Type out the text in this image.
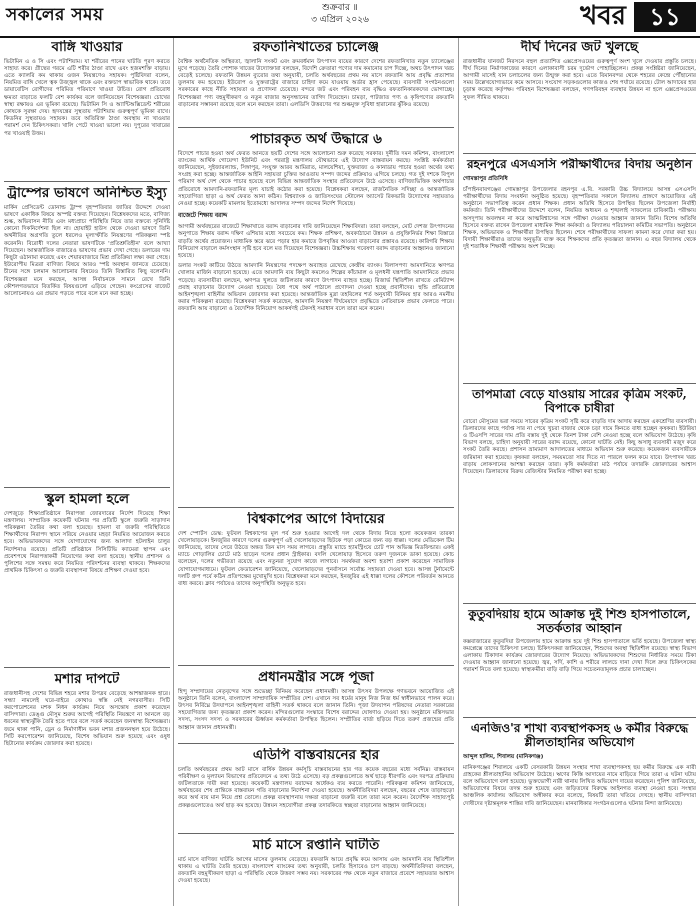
সকালের সময়	শুক্রবার ॥
৩ এপ্রিল ২০২৬	খবর ১১
বাঙ্গি খাওয়ার
ভিটামিন এ ও সি এবং পটাশিয়াম। যা শরীরের পানের ঘাটতি পূরণ করতে সাহায্য করে। গ্রীষ্মের গরমে এটি শরীর ঠাণ্ডা রাখে এবং হজমশক্তি বাড়ায়। এতে ক্যালরি কম থাকায় ওজন নিয়ন্ত্রণেও সহায়ক। পুষ্টিবিদরা বলেন, নিয়মিত বাঙ্গি খেলে ত্বক উজ্জ্বল থাকে এবং রক্তচাপ স্বাভাবিক থাকে। তবে ডায়াবেটিস রোগীদের পরিমিত পরিমাণে খাওয়া উচিত। রোগ প্রতিরোধ ক্ষমতা বাড়াতে ফলটি বেশ কার্যকর বলে জানিয়েছেন বিশেষজ্ঞরা। চোখের স্বাস্থ্য রক্ষায়ও এর ভূমিকা রয়েছে। ভিটামিন সি ও অ্যান্টিঅক্সিডেন্ট শরীরের কোষকে সুরক্ষা দেয়। হৃদযন্ত্রের সুস্থতায় পটাশিয়াম গুরুত্বপূর্ণ ভূমিকা রাখে। কিডনির সুস্থতায়ও সহায়ক। তবে অতিরিক্ত ঠাণ্ডা অবস্থায় না খাওয়ার পরামর্শ দেন চিকিৎসকরা। খালি পেটে খাওয়া ভালো নয়। দুপুরের খাবারের পর খাওয়াই উত্তম।
ট্রাম্পের ভাষণে অনিশ্চিত ইস্যু
মার্কিন প্রেসিডেন্ট ডোনাল্ড ট্রাম্প বৃহস্পতিবার জাতির উদ্দেশে দেওয়া ভাষণে একাধিক বিষয়ে অস্পষ্ট বক্তব্য দিয়েছেন। বিশ্লেষকদের মতে, বাণিজ্য শুল্ক, অভিবাসন নীতি এবং মধ্যপ্রাচ্য পরিস্থিতি নিয়ে তার বক্তব্যে সুনির্দিষ্ট কোনো দিকনির্দেশনা ছিল না। হোয়াইট হাউস থেকে দেওয়া ভাষণে তিনি অর্থনীতির অগ্রগতি তুলে ধরলেও মূল্যস্ফীতি নিয়ন্ত্রণের পরিকল্পনা স্পষ্ট করেননি। বিরোধী দলের নেতারা ভাষণটিকে 'প্রতিশ্রুতিহীন' বলে আখ্যা দিয়েছেন। আন্তর্জাতিক বাজারেও ভাষণের প্রভাব দেখা গেছে। ডলারের দাম কিছুটা ওঠানামা করেছে এবং শেয়ারবাজারে মিশ্র প্রতিক্রিয়া লক্ষ্য করা গেছে। ইউরোপীয় মিত্ররা বাণিজ্য বিষয়ে আরও স্পষ্ট অবস্থান জানতে চেয়েছে। চীনের সঙ্গে চলমান আলোচনার বিষয়েও তিনি বিস্তারিত কিছু বলেননি। বিশেষজ্ঞরা মনে করছেন, আসন্ন নির্বাচনকে সামনে রেখে তিনি কৌশলগতভাবে বিতর্কিত বিষয়গুলো এড়িয়ে গেছেন। কংগ্রেসের বাজেট আলোচনায়ও এর প্রভাব পড়তে পারে বলে মনে করা হচ্ছে।
স্কুল হামলা হলে
দেশজুড়ে শিক্ষাপ্রতিষ্ঠানে নিরাপত্তা জোরদারের নির্দেশ দিয়েছে শিক্ষা মন্ত্রণালয়। সাম্প্রতিক কয়েকটি ঘটনার পর প্রতিটি স্কুলে জরুরি সাড়াদান পরিকল্পনা তৈরির কথা বলা হয়েছে। হামলা বা জরুরি পরিস্থিতিতে শিক্ষার্থীদের নিরাপদ স্থানে সরিয়ে নেওয়ার মহড়া নিয়মিত আয়োজন করতে হবে। অভিভাবকদের সঙ্গে যোগাযোগের জন্য আলাদা হটলাইন চালুর নির্দেশনাও রয়েছে। প্রতিটি প্রতিষ্ঠানে সিসিটিভি ক্যামেরা স্থাপন এবং প্রবেশপথে নিরাপত্তাকর্মী নিয়োগের কথা বলা হয়েছে। স্থানীয় প্রশাসন ও পুলিশের সঙ্গে সমন্বয় করে নিয়মিত পরিদর্শনের ব্যবস্থা থাকবে। শিক্ষকদের প্রাথমিক চিকিৎসা ও জরুরি ব্যবস্থাপনা বিষয়ে প্রশিক্ষণ দেওয়া হবে।
মশার দাপটে
রাজধানীসহ দেশের বিভিন্ন শহরে মশার উপদ্রব বেড়েছে আশঙ্কাজনক হারে। সন্ধ্যা নামলেই ঘরে-বাইরে কোথাও স্বস্তি নেই নগরবাসীর। সিটি করপোরেশনের মশক নিধন কার্যক্রম নিয়ে অসন্তোষ প্রকাশ করেছেন বাসিন্দারা। ডেঙ্গু মৌসুম শুরুর আগেই পরিস্থিতি নিয়ন্ত্রণে না আনলে বড় ধরনের স্বাস্থ্যঝুঁকি তৈরি হতে পারে বলে সতর্ক করেছেন জনস্বাস্থ্য বিশেষজ্ঞরা। জমে থাকা পানি, ড্রেন ও নির্মাণাধীন ভবন মশার প্রজননস্থল হয়ে উঠেছে। সিটি করপোরেশন জানিয়েছে, বিশেষ অভিযান শুরু হয়েছে এবং ওষুধ ছিটানোর কার্যক্রম জোরদার করা হয়েছে।
রফতানিখাতের চ্যালেঞ্জ
বৈশ্বিক অর্থনৈতিক অস্থিরতা, জ্বালানি সংকট এবং ক্রমবর্ধমান উৎপাদন ব্যয়ের কারণে দেশের রফতানিখাত নতুন চ্যালেঞ্জের মুখে পড়েছে। তৈরি পোশাক খাতের উদ্যোক্তারা বলছেন, বিদেশি ক্রেতারা পণ্যের দাম কমানোর চাপ দিচ্ছে, অথচ উৎপাদন খরচ বেড়েই চলেছে। রফতানি উন্নয়ন ব্যুরোর তথ্য অনুযায়ী, চলতি অর্থবছরের প্রথম নয় মাসে রফতানি আয় প্রবৃদ্ধি প্রত্যাশার তুলনায় কম হয়েছে। ইউরোপ ও যুক্তরাষ্ট্রের বাজারে চাহিদা কমে যাওয়ায় অর্ডার হ্রাস পেয়েছে। ব্যবসায়ী সংগঠনগুলো সরকারের কাছে নীতি সহায়তা ও প্রণোদনা চেয়েছে। বন্দরে জট এবং পরিবহন ব্যয় বৃদ্ধিও রফতানিকারকদের ভোগাচ্ছে। বিশেষজ্ঞরা পণ্য বহুমুখীকরণ ও নতুন বাজার অনুসন্ধানের তাগিদ দিয়েছেন। চামড়া, পাটজাত পণ্য ও কৃষিপণ্যের রফতানি বাড়ানোর সম্ভাবনা রয়েছে বলে মনে করছেন তারা। এলডিসি উত্তরণের পর শুল্কমুক্ত সুবিধা হারানোর ঝুঁকিও রয়েছে।
পাচারকৃত অর্থ উদ্ধারে ৬
বিদেশে পাচার হওয়া অর্থ ফেরত আনতে ছয়টি দেশের সঙ্গে আলোচনা শুরু করেছে সরকার। দুর্নীতি দমন কমিশন, বাংলাদেশ ব্যাংকের আর্থিক গোয়েন্দা ইউনিট এবং পররাষ্ট্র মন্ত্রণালয় যৌথভাবে এই উদ্যোগ বাস্তবায়ন করছে। সংশ্লিষ্ট কর্মকর্তারা জানিয়েছেন, সুইজারল্যান্ড, সিঙ্গাপুর, সংযুক্ত আরব আমিরাত, মালয়েশিয়া, যুক্তরাজ্য ও কানাডায় পাচার হওয়া অর্থের তথ্য সংগ্রহ করা হচ্ছে। আন্তর্জাতিক আইনি সহায়তা চুক্তির আওতায় সম্পদ জব্দের প্রক্রিয়াও এগিয়ে চলছে। গত দুই দশকে বিপুল পরিমাণ অর্থ দেশ থেকে পাচার হয়েছে বলে বিভিন্ন আন্তর্জাতিক সংস্থার প্রতিবেদনে উঠে এসেছে। বাণিজ্যভিত্তিক অর্থপাচার প্রতিরোধে আমদানি-রফতানির মূল্য যাচাই কঠোর করা হয়েছে। বিশ্লেষকরা বলছেন, রাজনৈতিক সদিচ্ছা ও আন্তর্জাতিক সহযোগিতা ছাড়া এ অর্থ ফেরত আনা কঠিন। বিশ্বব্যাংক ও জাতিসংঘের স্টোলেন অ্যাসেট রিকভারি উদ্যোগের সহায়তাও নেওয়া হচ্ছে। কয়েকটি মামলায় ইতোমধ্যে আদালত সম্পদ জব্দের নির্দেশ দিয়েছে।
বাজেটে শিক্ষায় বরাদ্দ
আগামী অর্থবছরের বাজেটে শিক্ষাখাতে বরাদ্দ বাড়ানোর দাবি জানিয়েছেন শিক্ষাবিদরা। তারা বলছেন, মোট দেশজ উৎপাদনের অনুপাতে শিক্ষায় বরাদ্দ দক্ষিণ এশিয়ার মধ্যে সবচেয়ে কম। শিক্ষক প্রশিক্ষণ, অবকাঠামো উন্নয়ন ও প্রযুক্তিনির্ভর শিক্ষা বিস্তারে বাড়তি অর্থের প্রয়োজন। মাধ্যমিক স্তরে ঝরে পড়ার হার কমাতে উপবৃত্তির আওতা বাড়ানোর প্রস্তাবও রয়েছে। কারিগরি শিক্ষায় বিনিয়োগ বাড়ালে কর্মসংস্থান সৃষ্টি হবে বলে মত দিয়েছেন বিশেষজ্ঞরা। উচ্চশিক্ষায় গবেষণা বরাদ্দ বাড়ানোর আহ্বানও জানানো হয়েছে।
ডলার সংকট কাটিয়ে উঠতে আমদানি নিয়ন্ত্রণের পদক্ষেপ অব্যাহত রেখেছে কেন্দ্রীয় ব্যাংক। বিলাসপণ্য আমদানিতে ঋণপত্র খোলার মার্জিন বাড়ানো হয়েছে। এতে আমদানি ব্যয় কিছুটা কমলেও শিল্পের কাঁচামাল ও মূলধনী যন্ত্রপাতি আমদানিতে প্রভাব পড়েছে। ব্যবসায়ীরা বলছেন, ঋণপত্র খুলতে জটিলতার কারণে উৎপাদন ব্যাহত হচ্ছে। রিজার্ভ স্থিতিশীল রাখতে রেমিট্যান্স প্রবাহ বাড়ানোর উদ্যোগ নেওয়া হয়েছে। বৈধ পথে অর্থ পাঠালে প্রণোদনা দেওয়া হচ্ছে প্রবাসীদের। হুন্ডি প্রতিরোধে আইনশৃঙ্খলা বাহিনীর অভিযান জোরদার করা হয়েছে। আন্তর্জাতিক মুদ্রা তহবিলের শর্ত অনুযায়ী বিনিময় হার আরও নমনীয় করার পরিকল্পনা রয়েছে। বিশ্লেষকরা সতর্ক করেছেন, আমদানি নিয়ন্ত্রণ দীর্ঘমেয়াদে প্রবৃদ্ধিতে নেতিবাচক প্রভাব ফেলতে পারে। রফতানি আয় বাড়ানো ও বৈদেশিক বিনিয়োগ আকর্ষণই টেকসই সমাধান বলে তারা মনে করেন।
বিশ্বকাপের আগে বিদায়ের
দেশ স্পোর্টস ডেস্ক: ফুটবল বিশ্বকাপের মূল পর্ব শুরু হওয়ার আগেই দল থেকে বিদায় নিতে হলো কয়েকজন তারকা খেলোয়াড়কে। ইনজুরির কারণে দলের গুরুত্বপূর্ণ এই খেলোয়াড়দের ছিটকে পড়া কোচের জন্য বড় ধাক্কা। দলের মেডিকেল টিম জানিয়েছে, তাদের সেরে উঠতে অন্তত তিন মাস সময় লাগবে। প্রস্তুতি ম্যাচে হ্যামস্ট্রিংয়ে চোট পান অভিজ্ঞ মিডফিল্ডার। একই ম্যাচে গোড়ালির চোটে মাঠ ছাড়েন দলের প্রধান স্ট্রাইকার। বদলি খেলোয়াড় হিসেবে তরুণ দুজনকে ডাকা হয়েছে। কোচ বলেছেন, দলের গভীরতা রয়েছে এবং নতুনরা সুযোগ কাজে লাগাবে। সমর্থকরা অবশ্য হতাশা প্রকাশ করেছেন সামাজিক যোগাযোগমাধ্যমে। ফুটবল ফেডারেশন জানিয়েছে, খেলোয়াড়দের পুনর্বাসনে সর্বোচ্চ সহায়তা দেওয়া হবে। আসন্ন টুর্নামেন্টে দলটি গ্রুপ পর্বে কঠিন প্রতিপক্ষের মুখোমুখি হবে। বিশ্লেষকরা মনে করছেন, ইনজুরির এই ধাক্কা দলের কৌশলে পরিবর্তন আনতে বাধ্য করবে। ক্লাব পর্যায়েও তাদের অনুপস্থিতি অনুভূত হবে।
প্রধানমন্ত্রীর সঙ্গে পূজা
হিন্দু সম্প্রদায়ের নেতৃবৃন্দের সঙ্গে শুভেচ্ছা বিনিময় করেছেন প্রধানমন্ত্রী। আসন্ন উৎসব উপলক্ষে গণভবনে আয়োজিত এই অনুষ্ঠানে তিনি বলেন, বাংলাদেশ সাম্প্রদায়িক সম্প্রীতির দেশ। এখানে সব ধর্মের মানুষ নিজ নিজ ধর্ম স্বাধীনভাবে পালন করে। উৎসব নির্বিঘ্নে উদযাপনে আইনশৃঙ্খলা বাহিনী সতর্ক থাকবে বলে জানান তিনি। পূজা উদযাপন পরিষদের নেতারা সরকারের সহযোগিতার জন্য কৃতজ্ঞতা প্রকাশ করেন। মন্দিরগুলোর সংস্কারে বিশেষ বরাদ্দের ঘোষণাও দেওয়া হয়। অনুষ্ঠানে মন্ত্রিসভার সদস্য, সংসদ সদস্য ও সরকারের ঊর্ধ্বতন কর্মকর্তারা উপস্থিত ছিলেন। সম্প্রীতির বার্তা ছড়িয়ে দিতে তরুণ প্রজন্মের প্রতি আহ্বান জানান প্রধানমন্ত্রী।
এডিপি বাস্তবায়নের হার
চলতি অর্থবছরের প্রথম আট মাসে বার্ষিক উন্নয়ন কর্মসূচি বাস্তবায়নের হার গত কয়েক বছরের মধ্যে সর্বনিম্ন। বাস্তবায়ন পরিবীক্ষণ ও মূল্যায়ন বিভাগের প্রতিবেদনে এ তথ্য উঠে এসেছে। বড় প্রকল্পগুলোতে অর্থ ছাড়ে ধীরগতি এবং দরপত্র প্রক্রিয়ায় জটিলতাকে দায়ী করা হয়েছে। কয়েকটি মন্ত্রণালয় বরাদ্দের অর্ধেকও ব্যয় করতে পারেনি। পরিকল্পনা কমিশন জানিয়েছে, অর্থবছরের শেষ প্রান্তিকে বাস্তবায়ন গতি বাড়ানোর নির্দেশনা দেওয়া হয়েছে। অর্থনীতিবিদরা বলছেন, বছরের শেষে তাড়াহুড়ো করে অর্থ ব্যয় মান নিয়ে প্রশ্ন তোলে। প্রকল্প ব্যবস্থাপনায় দক্ষতা বাড়ানো জরুরি বলে তারা মনে করেন। বৈদেশিক সাহায্যপুষ্ট প্রকল্পগুলোতেও অর্থ ছাড় কম হয়েছে। উন্নয়ন সহযোগীরা প্রকল্প তদারকিতে স্বচ্ছতা বাড়ানোর আহ্বান জানিয়েছে।
মার্চ মাসে রপ্তানি ঘাটতি
মার্চ মাসে বাণিজ্য ঘাটতি আগের মাসের তুলনায় বেড়েছে। রফতানি আয়ে প্রবৃদ্ধি কমে আসায় এবং আমদানি ব্যয় স্থিতিশীল থাকায় এ ঘাটতি তৈরি হয়েছে। বাংলাদেশ ব্যাংকের তথ্য অনুযায়ী, চলতি হিসাবেও চাপ বাড়ছে। অর্থনীতিবিদরা বলছেন, রফতানি বহুমুখীকরণ ছাড়া এ পরিস্থিতি থেকে উত্তরণ সম্ভব নয়। সরকারের পক্ষ থেকে নতুন বাজারে প্রবেশে সহায়তার আশ্বাস দেওয়া হয়েছে।
দীর্ঘ দিনের জট খুলছে
রাজধানীর যানজট নিরসনে বহুল প্রত্যাশিত এক্সপ্রেসওয়ের গুরুত্বপূর্ণ অংশ খুলে দেওয়ার প্রস্তুতি চলছে। দীর্ঘ দিনের নির্মাণকাজের কারণে এলাকাবাসী চরম দুর্ভোগ পোহাচ্ছিলেন। প্রকল্প সংশ্লিষ্টরা জানিয়েছেন, আগামী মাসেই যান চলাচলের জন্য উন্মুক্ত করা হবে। এতে বিমানবন্দর থেকে শহরের কেন্দ্রে পৌঁছানোর সময় উল্লেখযোগ্যভাবে কমে আসবে। সংযোগ সড়কগুলোর কাজও শেষ পর্যায়ে রয়েছে। টোল আদায়ের হার চূড়ান্ত করেছে কর্তৃপক্ষ। পরিবহন বিশেষজ্ঞরা বলছেন, গণপরিবহন ব্যবস্থার উন্নয়ন না হলে এক্সপ্রেসওয়ের সুফল সীমিত থাকবে।
রহনপুরে এসএসসি পরীক্ষার্থীদের বিদায় অনুষ্ঠান
গোমস্তাপুর প্রতিনিধি
চাঁপাইনবাবগঞ্জের গোমস্তাপুর উপজেলার রহনপুর এ.বি. সরকারি উচ্চ বিদ্যালয়ে আসন্ন এসএসসি পরীক্ষার্থীদের বিদায় সংবর্ধনা অনুষ্ঠিত হয়েছে। বৃহস্পতিবার সকালে বিদ্যালয় প্রাঙ্গণে আয়োজিত এই অনুষ্ঠানে সভাপতিত্ব করেন প্রধান শিক্ষক। প্রধান অতিথি হিসেবে উপস্থিত ছিলেন উপজেলা নির্বাহী কর্মকর্তা। তিনি পরীক্ষার্থীদের উদ্দেশে বলেন, নিয়মিত অধ্যয়ন ও শৃঙ্খলাই সাফল্যের চাবিকাঠি। পরীক্ষায় অসদুপায় অবলম্বন না করে আত্মবিশ্বাসের সঙ্গে পরীক্ষা দেওয়ার আহ্বান জানান তিনি। বিশেষ অতিথি হিসেবে বক্তব্য রাখেন উপজেলা মাধ্যমিক শিক্ষা কর্মকর্তা ও বিদ্যালয় পরিচালনা কমিটির সভাপতি। অনুষ্ঠানে শিক্ষক, অভিভাবক ও শিক্ষার্থীরা উপস্থিত ছিলেন। শেষে পরীক্ষার্থীদের সাফল্য কামনা করে দোয়া করা হয়। বিদায়ী শিক্ষার্থীরাও তাদের অনুভূতি ব্যক্ত করে শিক্ষকদের প্রতি কৃতজ্ঞতা জানান। এ বছর বিদ্যালয় থেকে দুই শতাধিক শিক্ষার্থী পরীক্ষায় অংশ নিচ্ছে।
তাপমাত্রা বেড়ে যাওয়ায় সারের কৃত্রিম সংকট, বিপাকে চাষীরা
বোরো মৌসুমের ভরা সময়ে সারের কৃত্রিম সংকট সৃষ্টি করে বাড়তি দাম আদায় করছেন একশ্রেণির ব্যবসায়ী। ডিলারদের কাছে পর্যাপ্ত সার না পেয়ে খুচরা বাজার থেকে চড়া দামে কিনতে বাধ্য হচ্ছেন কৃষকরা। ইউরিয়া ও টিএসপি সারের দাম প্রতি বস্তায় দুই থেকে তিনশ টাকা বেশি নেওয়া হচ্ছে বলে অভিযোগ উঠেছে। কৃষি বিভাগ বলছে, চাহিদা অনুযায়ী সারের বরাদ্দ রয়েছে, কোনো ঘাটতি নেই। কিছু অসাধু ব্যবসায়ী মজুদ করে সংকট তৈরি করছে। প্রশাসন ভ্রাম্যমাণ আদালতের মাধ্যমে অভিযান শুরু করেছে। কয়েকজন ব্যবসায়ীকে জরিমানা করা হয়েছে। কৃষকরা বলছেন, সময়মতো সার দিতে না পারলে ফলন কমে যাবে। উৎপাদন খরচ বাড়ায় লোকসানের আশঙ্কা করছেন তারা। কৃষি কর্মকর্তারা মাঠ পর্যায়ে তদারকি জোরদারের আশ্বাস দিয়েছেন। ডিলারদের বিক্রয় রেজিস্টার নিয়মিত পরীক্ষা করা হচ্ছে।
কুতুবদিয়ায় হামে আক্রান্ত দুই শিশু হাসপাতালে, সতর্কতার আহ্বান
কক্সবাজারের কুতুবদিয়া উপজেলায় হামে আক্রান্ত হয়ে দুই শিশু হাসপাতালে ভর্তি হয়েছে। উপজেলা স্বাস্থ্য কমপ্লেক্সে তাদের চিকিৎসা চলছে। চিকিৎসকরা জানিয়েছেন, শিশুদের অবস্থা স্থিতিশীল রয়েছে। স্বাস্থ্য বিভাগ এলাকায় টিকাদান কার্যক্রম জোরদারের উদ্যোগ নিয়েছে। অভিভাবকদের শিশুদের নির্ধারিত সময়ে টিকা দেওয়ার আহ্বান জানানো হয়েছে। জ্বর, সর্দি, কাশি ও শরীরে লালচে দানা দেখা দিলে দ্রুত চিকিৎসকের পরামর্শ নিতে বলা হয়েছে। স্বাস্থ্যকর্মীরা বাড়ি বাড়ি গিয়ে সচেতনতামূলক প্রচার চালাচ্ছেন।
এনজিও'র শাখা ব্যবস্থাপকসহ ৬ কর্মীর বিরুদ্ধে শ্লীলতাহানির অভিযোগ
আব্দুল হালিম, শিবালয় (মানিকগঞ্জ)
মানিকগঞ্জের শিবালয়ে একটি বেসরকারি উন্নয়ন সংস্থার শাখা ব্যবস্থাপকসহ ছয় কর্মীর বিরুদ্ধে এক নারী গ্রাহকের শ্লীলতাহানির অভিযোগ উঠেছে। ঋণের কিস্তি আদায়ের নামে বাড়িতে গিয়ে তারা এ ঘটনা ঘটায় বলে অভিযোগে বলা হয়েছে। ভুক্তভোগী নারী থানায় লিখিত অভিযোগ দায়ের করেছেন। পুলিশ জানিয়েছে, অভিযোগের বিষয়ে তদন্ত শুরু হয়েছে এবং জড়িতদের বিরুদ্ধে আইনগত ব্যবস্থা নেওয়া হবে। সংস্থার আঞ্চলিক কার্যালয় অভিযোগ অস্বীকার করে বলেছে, বিষয়টি তারা খতিয়ে দেখছে। স্থানীয় বাসিন্দারা দোষীদের দৃষ্টান্তমূলক শাস্তির দাবি জানিয়েছেন। মানবাধিকার সংগঠনগুলোও ঘটনার নিন্দা জানিয়েছে।
